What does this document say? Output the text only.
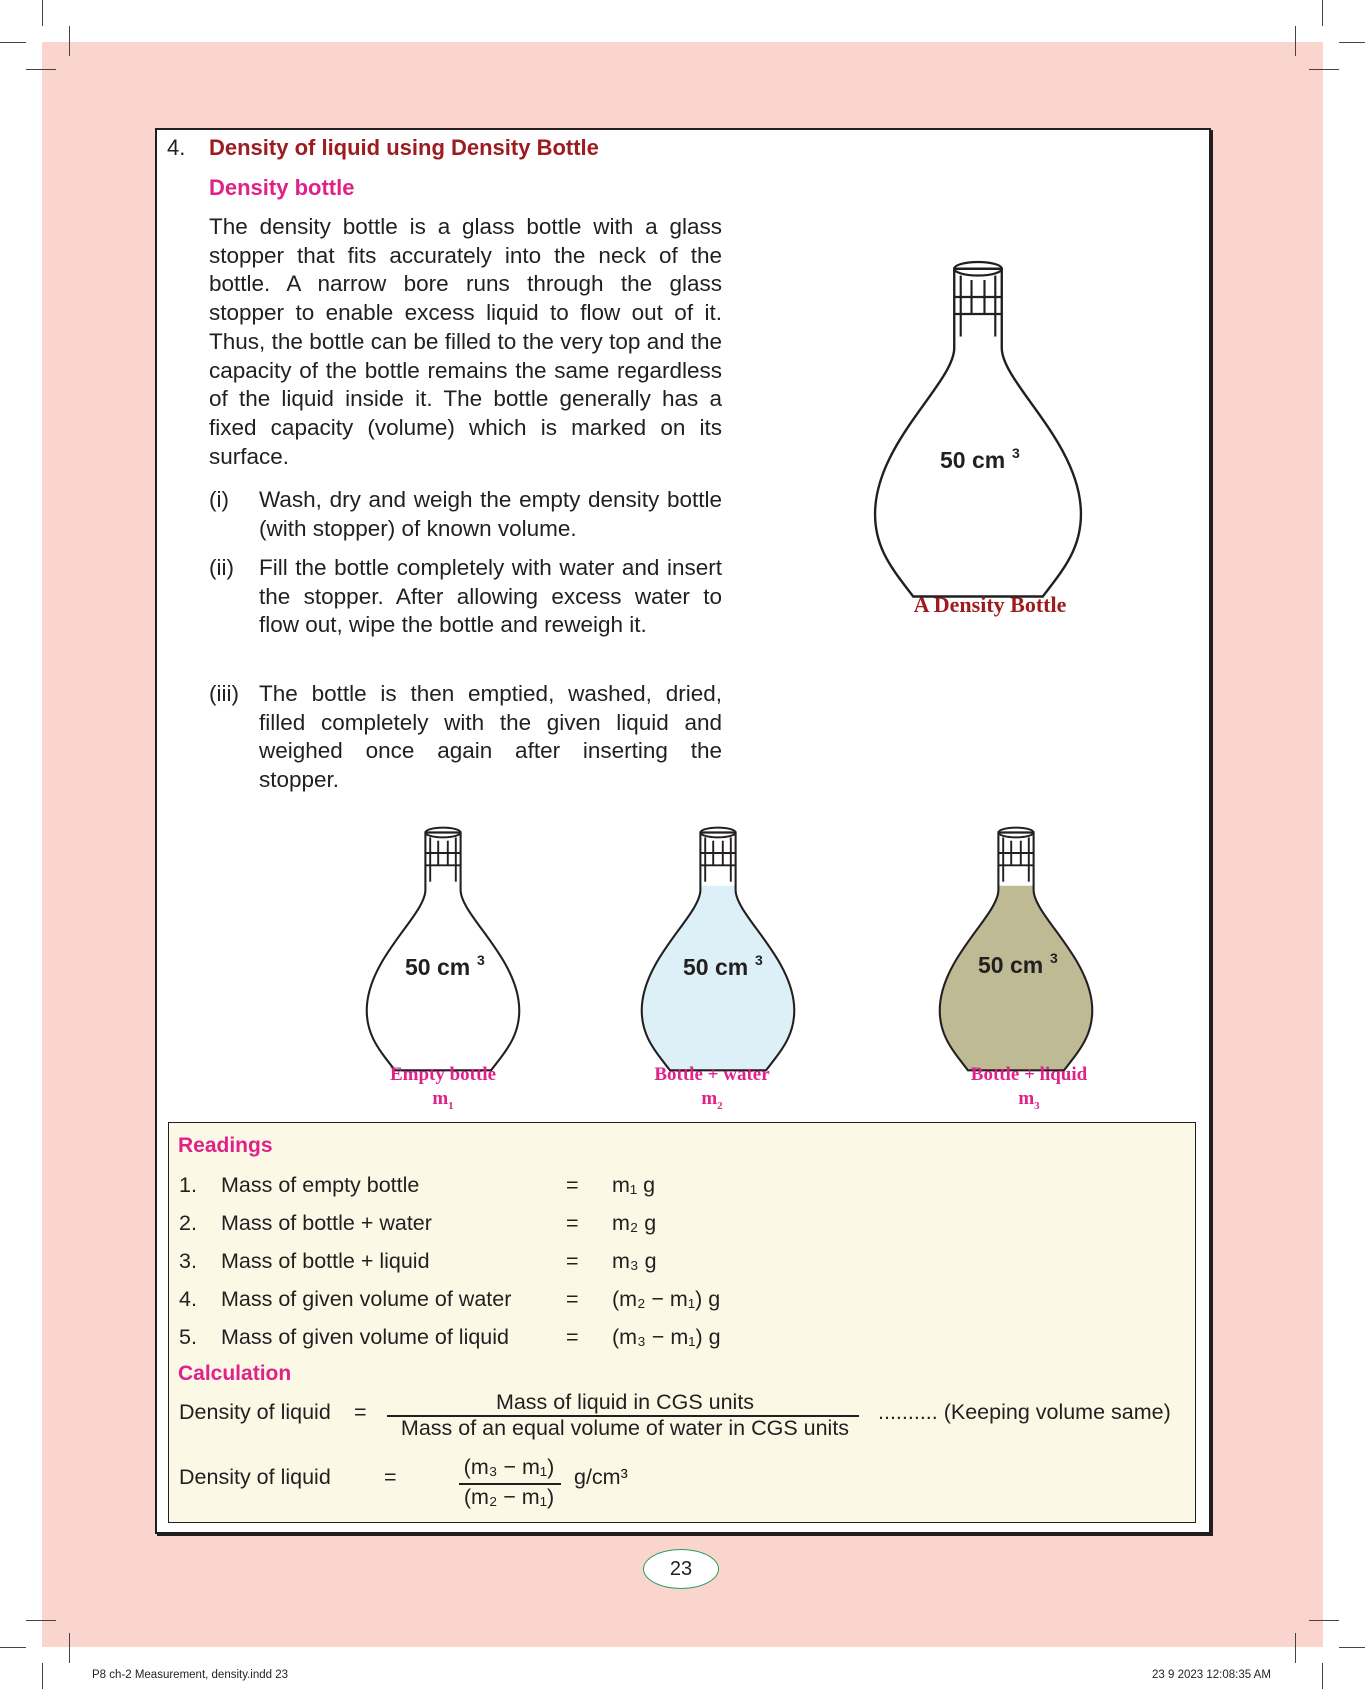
4. Density of liquid using Density Bottle
Density bottle

The density bottle is a glass bottle with a glass stopper that fits accurately into the neck of the bottle. A narrow bore runs through the glass stopper to enable excess liquid to flow out of it. Thus, the bottle can be filled to the very top and the capacity of the bottle remains the same regardless of the liquid inside it. The bottle generally has a fixed capacity (volume) which is marked on its surface.

(i) Wash, dry and weigh the empty density bottle (with stopper) of known volume.

(ii) Fill the bottle completely with water and insert the stopper. After allowing excess water to flow out, wipe the bottle and reweigh it.

(iii) The bottle is then emptied, washed, dried, filled completely with the given liquid and weighed once again after inserting the stopper.

50 cm 3
50 cm 3	50 cm 3	50 cm 3
A Density Bottle
Empty bottle
$m_1$
Bottle + water
$m_2$
Bottle + liquid
$m_3$
Readings
1. Mass of empty bottle	= m₁ g
2. Mass of bottle + water	= m₂ g
3. Mass of bottle + liquid	= m₃ g
4. Mass of given volume of water	= (m₂ − m₁) g
5. Mass of given volume of liquid	= (m₃ − m₁) g
Calculation
Density of liquid =	Mass of liquid in CGS units
Mass of an equal volume of water in CGS units
.......... (Keeping volume same)
Density of liquid =	(m₃ − m₁)
(m₂ − m₁)
g/cm³
23
P8 ch-2 Measurement, density.indd 23	23 9 2023 12:08:35 AM
